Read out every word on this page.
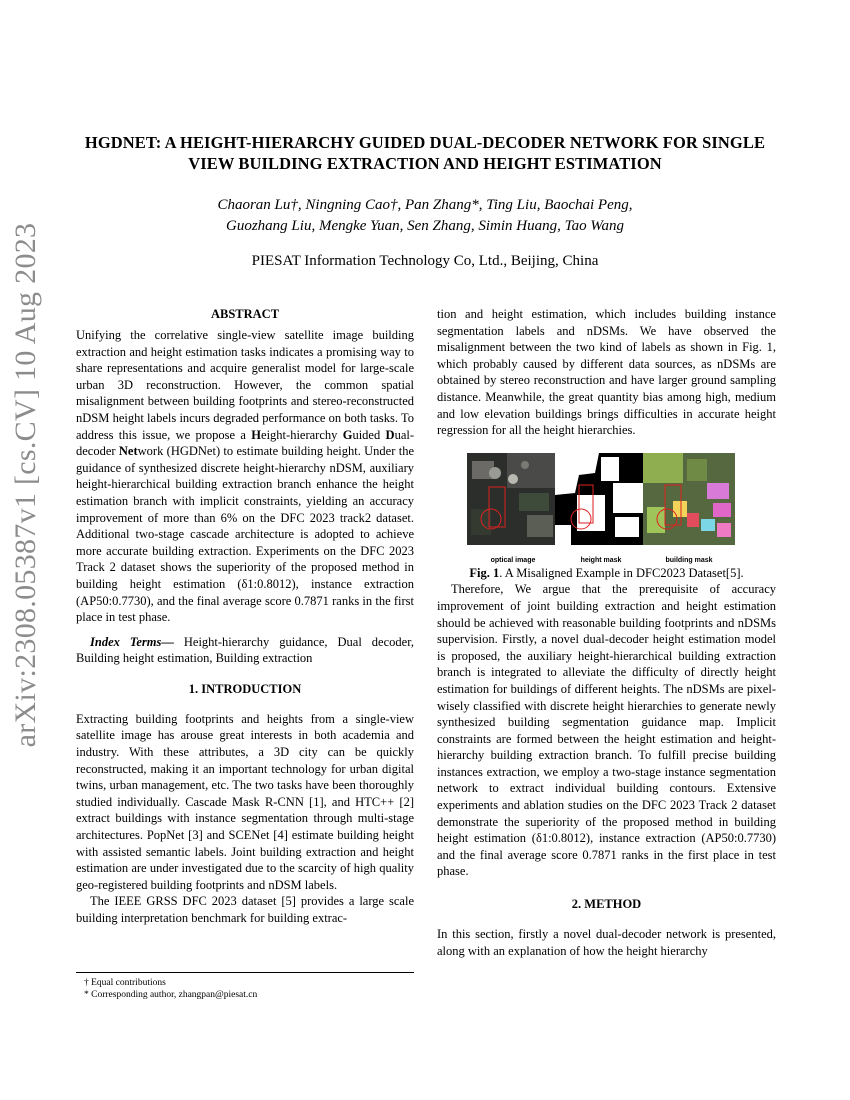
arXiv:2308.05387v1 [cs.CV] 10 Aug 2023
HGDNET: A HEIGHT-HIERARCHY GUIDED DUAL-DECODER NETWORK FOR SINGLE VIEW BUILDING EXTRACTION AND HEIGHT ESTIMATION
Chaoran Lu†, Ningning Cao†, Pan Zhang*, Ting Liu, Baochai Peng,
Guozhang Liu, Mengke Yuan, Sen Zhang, Simin Huang, Tao Wang
PIESAT Information Technology Co, Ltd., Beijing, China
ABSTRACT

Unifying the correlative single-view satellite image building extraction and height estimation tasks indicates a promising way to share representations and acquire generalist model for large-scale urban 3D reconstruction. However, the common spatial misalignment between building footprints and stereo-reconstructed nDSM height labels incurs degraded performance on both tasks. To address this issue, we propose a Height-hierarchy Guided Dual-decoder Network (HGDNet) to estimate building height. Under the guidance of synthesized discrete height-hierarchy nDSM, auxiliary height-hierarchical building extraction branch enhance the height estimation branch with implicit constraints, yielding an accuracy improvement of more than 6% on the DFC 2023 track2 dataset. Additional two-stage cascade architecture is adopted to achieve more accurate building extraction. Experiments on the DFC 2023 Track 2 dataset shows the superiority of the proposed method in building height estimation (δ1:0.8012), instance extraction (AP50:0.7730), and the final average score 0.7871 ranks in the first place in test phase.

Index Terms— Height-hierarchy guidance, Dual decoder, Building height estimation, Building extraction

1. INTRODUCTION

Extracting building footprints and heights from a single-view satellite image has arouse great interests in both academia and industry. With these attributes, a 3D city can be quickly reconstructed, making it an important technology for urban digital twins, urban management, etc. The two tasks have been thoroughly studied individually. Cascade Mask R-CNN [1], and HTC++ [2] extract buildings with instance segmentation through multi-stage architectures. PopNet [3] and SCENet [4] estimate building height with assisted semantic labels. Joint building extraction and height estimation are under investigated due to the scarcity of high quality geo-registered building footprints and nDSM labels.

The IEEE GRSS DFC 2023 dataset [5] provides a large scale building interpretation benchmark for building extrac-

† Equal contributions
* Corresponding author, zhangpan@piesat.cn

tion and height estimation, which includes building instance segmentation labels and nDSMs. We have observed the misalignment between the two kind of labels as shown in Fig. 1, which probably caused by different data sources, as nDSMs are obtained by stereo reconstruction and have larger ground sampling distance. Meanwhile, the great quantity bias among high, medium and low elevation buildings brings difficulties in accurate height regression for all the height hierarchies.

optical image	height mask	building mask

Fig. 1. A Misaligned Example in DFC2023 Dataset[5].

Therefore, We argue that the prerequisite of accuracy improvement of joint building extraction and height estimation should be achieved with reasonable building footprints and nDSMs supervision. Firstly, a novel dual-decoder height estimation model is proposed, the auxiliary height-hierarchical building extraction branch is integrated to alleviate the difficulty of directly height estimation for buildings of different heights. The nDSMs are pixel-wisely classified with discrete height hierarchies to generate newly synthesized building segmentation guidance map. Implicit constraints are formed between the height estimation and height-hierarchy building extraction branch. To fulfill precise building instances extraction, we employ a two-stage instance segmentation network to extract individual building contours. Extensive experiments and ablation studies on the DFC 2023 Track 2 dataset demonstrate the superiority of the proposed method in building height estimation (δ1:0.8012), instance extraction (AP50:0.7730) and the final average score 0.7871 ranks in the first place in test phase.

2. METHOD

In this section, firstly a novel dual-decoder network is presented, along with an explanation of how the height hierarchy
